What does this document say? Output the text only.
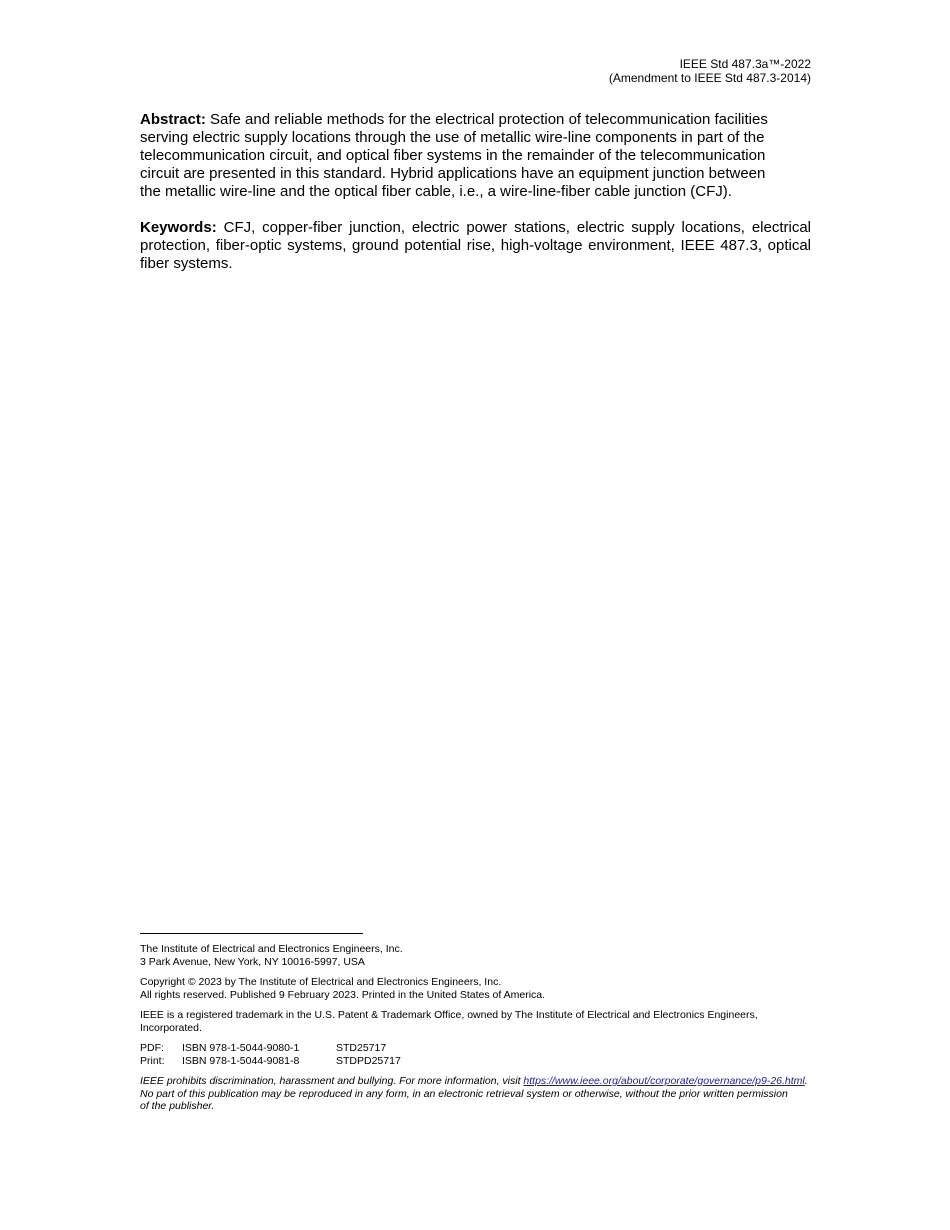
IEEE Std 487.3a™-2022
(Amendment to IEEE Std 487.3-2014)

Abstract: Safe and reliable methods for the electrical protection of telecommunication facilities

serving electric supply locations through the use of metallic wire-line components in part of the

telecommunication circuit, and optical fiber systems in the remainder of the telecommunication

circuit are presented in this standard. Hybrid applications have an equipment junction between

the metallic wire-line and the optical fiber cable, i.e., a wire-line-fiber cable junction (CFJ).

Keywords: CFJ, copper-fiber junction, electric power stations, electric supply locations, electrical protection, fiber-optic systems, ground potential rise, high-voltage environment, IEEE 487.3, optical fiber systems.

The Institute of Electrical and Electronics Engineers, Inc.
3 Park Avenue, New York, NY 10016-5997, USA
Copyright © 2023 by The Institute of Electrical and Electronics Engineers, Inc.
All rights reserved. Published 9 February 2023. Printed in the United States of America.
IEEE is a registered trademark in the U.S. Patent & Trademark Office, owned by The Institute of Electrical and Electronics Engineers,
Incorporated.
PDF:	ISBN 978-1-5044-9080-1	STD25717
Print:	ISBN 978-1-5044-9081-8	STDPD25717
IEEE prohibits discrimination, harassment and bullying. For more information, visit https://www.ieee.org/about/corporate/governance/p9-26.html.
No part of this publication may be reproduced in any form, in an electronic retrieval system or otherwise, without the prior written permission
of the publisher.
